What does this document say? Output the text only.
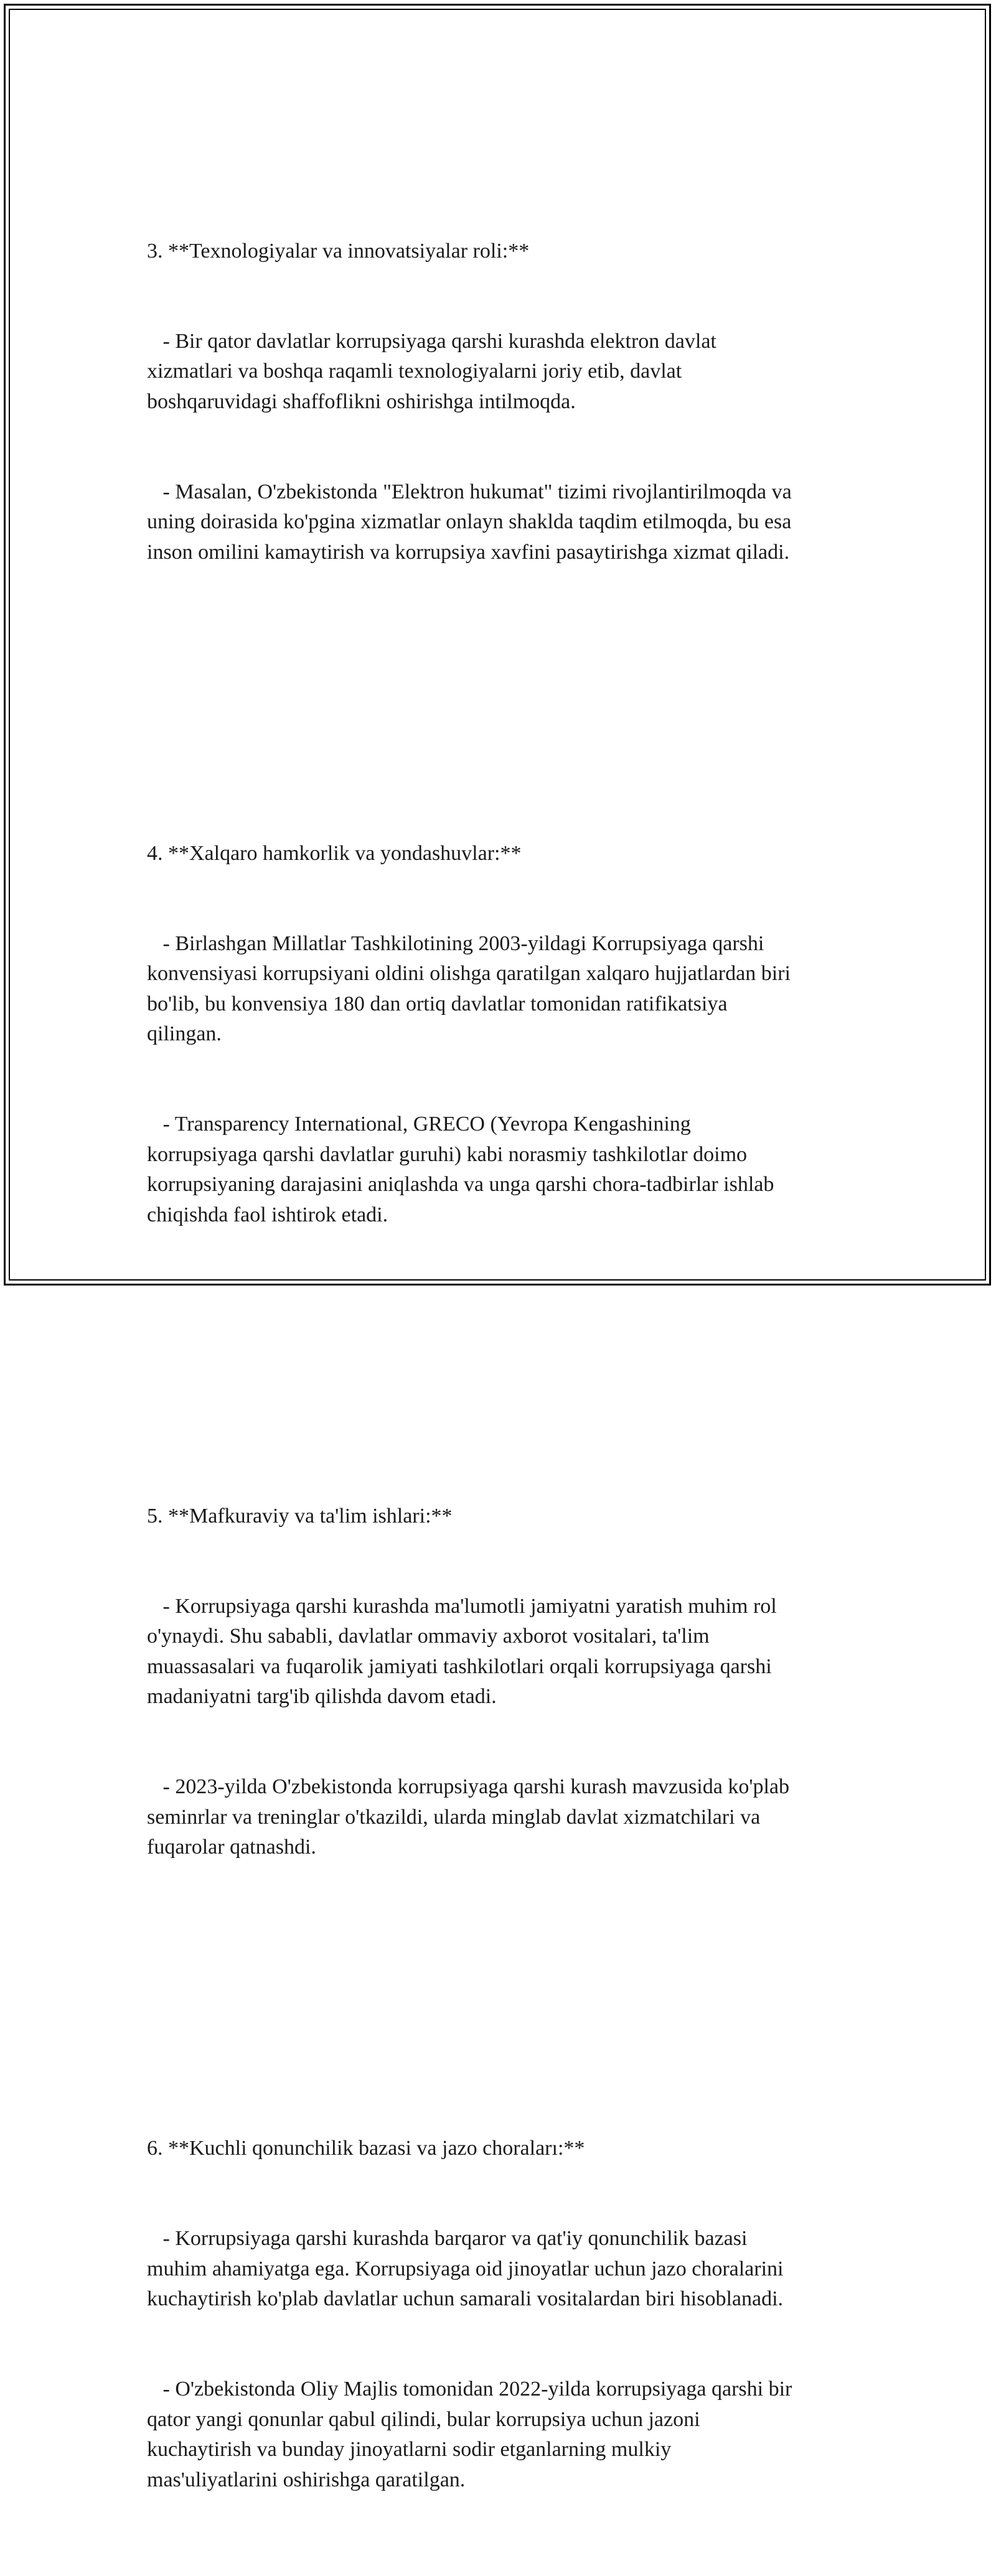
3. **Texnologiyalar va innovatsiyalar roli:**

- Bir qator davlatlar korrupsiyaga qarshi kurashda elektron davlat
xizmatlari va boshqa raqamli texnologiyalarni joriy etib, davlat
boshqaruvidagi shaffoflikni oshirishga intilmoqda.

- Masalan, O'zbekistonda "Elektron hukumat" tizimi rivojlantirilmoqda va
uning doirasida ko'pgina xizmatlar onlayn shaklda taqdim etilmoqda, bu esa
inson omilini kamaytirish va korrupsiya xavfini pasaytirishga xizmat qiladi.

4. **Xalqaro hamkorlik va yondashuvlar:**

- Birlashgan Millatlar Tashkilotining 2003-yildagi Korrupsiyaga qarshi
konvensiyasi korrupsiyani oldini olishga qaratilgan xalqaro hujjatlardan biri
bo'lib, bu konvensiya 180 dan ortiq davlatlar tomonidan ratifikatsiya
qilingan.

- Transparency International, GRECO (Yevropa Kengashining
korrupsiyaga qarshi davlatlar guruhi) kabi norasmiy tashkilotlar doimo
korrupsiyaning darajasini aniqlashda va unga qarshi chora-tadbirlar ishlab
chiqishda faol ishtirok etadi.

5. **Mafkuraviy va ta'lim ishlari:**

- Korrupsiyaga qarshi kurashda ma'lumotli jamiyatni yaratish muhim rol
o'ynaydi. Shu sababli, davlatlar ommaviy axborot vositalari, ta'lim
muassasalari va fuqarolik jamiyati tashkilotlari orqali korrupsiyaga qarshi
madaniyatni targ'ib qilishda davom etadi.

- 2023-yilda O'zbekistonda korrupsiyaga qarshi kurash mavzusida ko'plab
seminrlar va treninglar o'tkazildi, ularda minglab davlat xizmatchilari va
fuqarolar qatnashdi.

6. **Kuchli qonunchilik bazasi va jazo choraları:**

- Korrupsiyaga qarshi kurashda barqaror va qat'iy qonunchilik bazasi
muhim ahamiyatga ega. Korrupsiyaga oid jinoyatlar uchun jazo choralarini
kuchaytirish ko'plab davlatlar uchun samarali vositalardan biri hisoblanadi.

- O'zbekistonda Oliy Majlis tomonidan 2022-yilda korrupsiyaga qarshi bir
qator yangi qonunlar qabul qilindi, bular korrupsiya uchun jazoni
kuchaytirish va bunday jinoyatlarni sodir etganlarning mulkiy
mas'uliyatlarini oshirishga qaratilgan.
